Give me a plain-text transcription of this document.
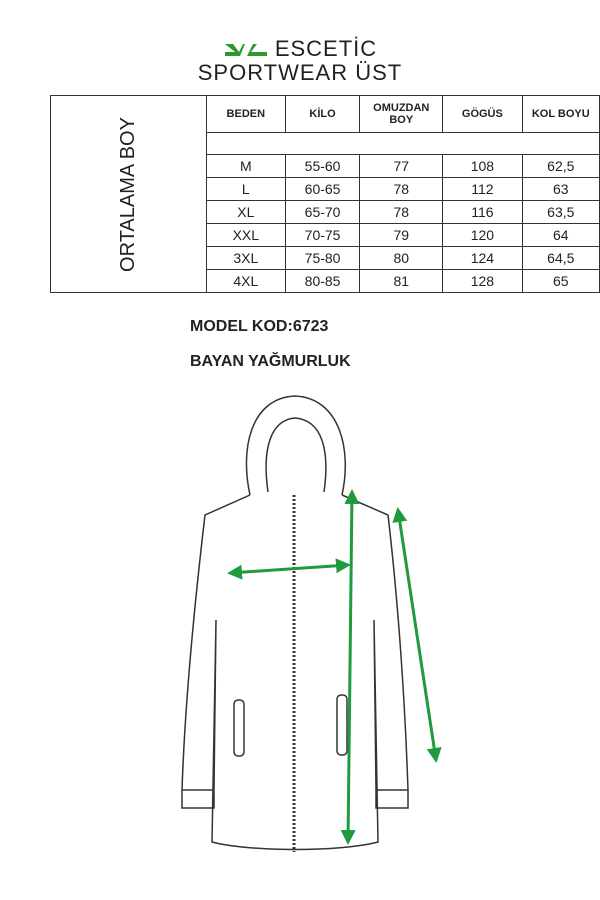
ESCETİC
SPORTWEAR ÜST
ORTALAMA BOY	BEDEN	KİLO	OMUZDAN BOY	GÖGÜS	KOL BOYU

	M	55-60	77	108	62,5
	L	60-65	78	112	63
	XL	65-70	78	116	63,5
	XXL	70-75	79	120	64
	3XL	75-80	80	124	64,5
	4XL	80-85	81	128	65
MODEL KOD:6723
BAYAN YAĞMURLUK
